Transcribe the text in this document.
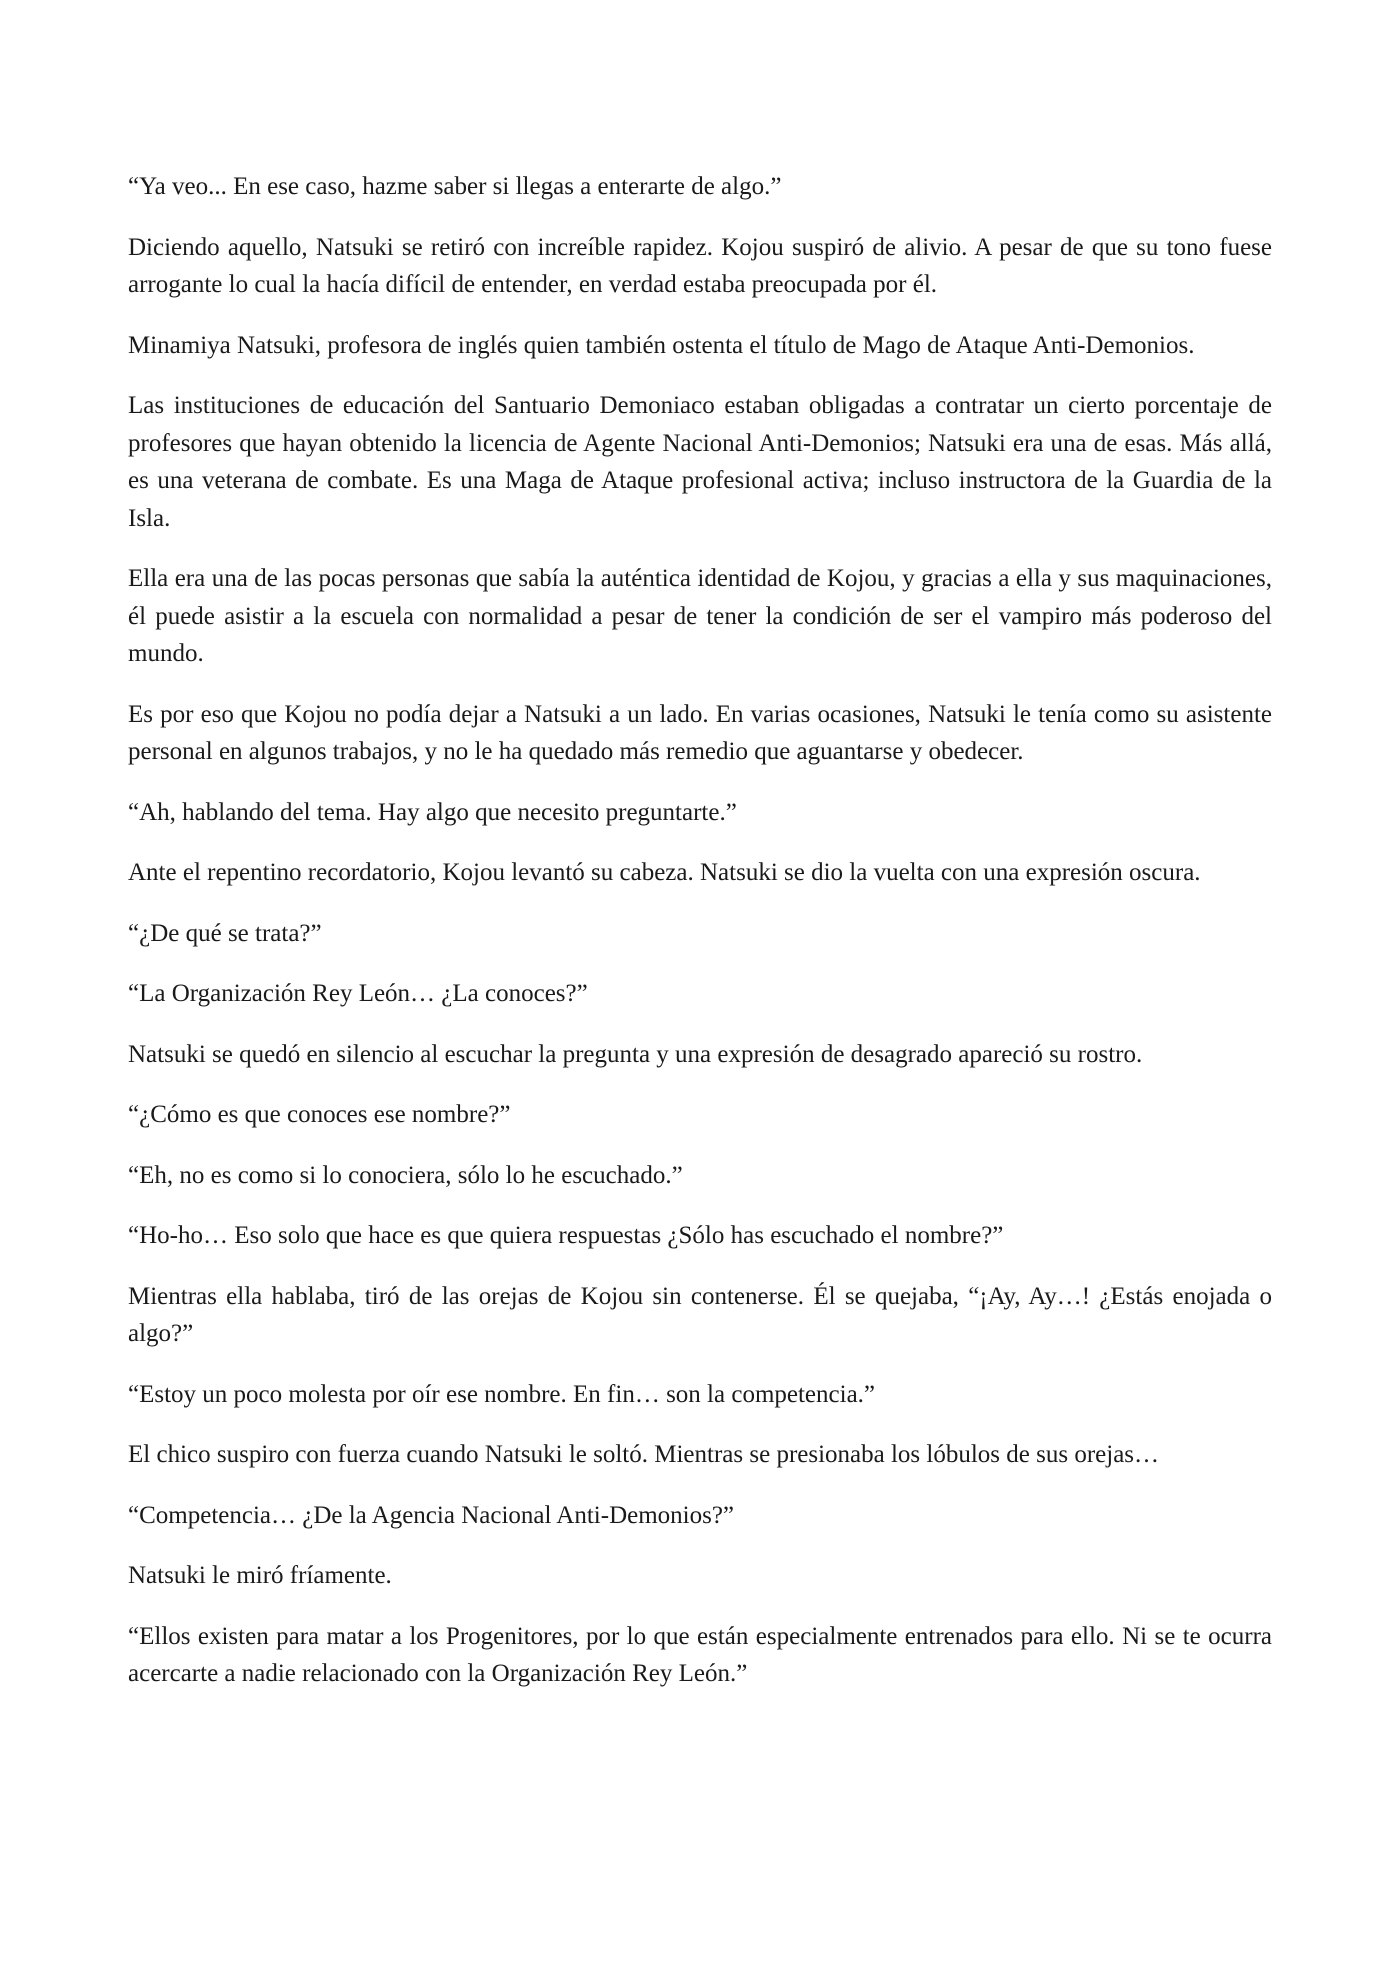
“Ya veo... En ese caso, hazme saber si llegas a enterarte de algo.”

Diciendo aquello, Natsuki se retiró con increíble rapidez. Kojou suspiró de alivio. A pesar de que su tono fuese arrogante lo cual la hacía difícil de entender, en verdad estaba preocupada por él.

Minamiya Natsuki, profesora de inglés quien también ostenta el título de Mago de Ataque Anti-Demonios.

Las instituciones de educación del Santuario Demoniaco estaban obligadas a contratar un cierto porcentaje de profesores que hayan obtenido la licencia de Agente Nacional Anti-Demonios; Natsuki era una de esas. Más allá, es una veterana de combate. Es una Maga de Ataque profesional activa; incluso instructora de la Guardia de la Isla.

Ella era una de las pocas personas que sabía la auténtica identidad de Kojou, y gracias a ella y sus maquinaciones, él puede asistir a la escuela con normalidad a pesar de tener la condición de ser el vampiro más poderoso del mundo.

Es por eso que Kojou no podía dejar a Natsuki a un lado. En varias ocasiones, Natsuki le tenía como su asistente personal en algunos trabajos, y no le ha quedado más remedio que aguantarse y obedecer.

“Ah, hablando del tema. Hay algo que necesito preguntarte.”

Ante el repentino recordatorio, Kojou levantó su cabeza. Natsuki se dio la vuelta con una expresión oscura.

“¿De qué se trata?”

“La Organización Rey León… ¿La conoces?”

Natsuki se quedó en silencio al escuchar la pregunta y una expresión de desagrado apareció su rostro.

“¿Cómo es que conoces ese nombre?”

“Eh, no es como si lo conociera, sólo lo he escuchado.”

“Ho-ho… Eso solo que hace es que quiera respuestas ¿Sólo has escuchado el nombre?”

Mientras ella hablaba, tiró de las orejas de Kojou sin contenerse. Él se quejaba, “¡Ay, Ay…! ¿Estás enojada o algo?”

“Estoy un poco molesta por oír ese nombre. En fin… son la competencia.”

El chico suspiro con fuerza cuando Natsuki le soltó. Mientras se presionaba los lóbulos de sus orejas…

“Competencia… ¿De la Agencia Nacional Anti-Demonios?”

Natsuki le miró fríamente.

“Ellos existen para matar a los Progenitores, por lo que están especialmente entrenados para ello. Ni se te ocurra acercarte a nadie relacionado con la Organización Rey León.”
